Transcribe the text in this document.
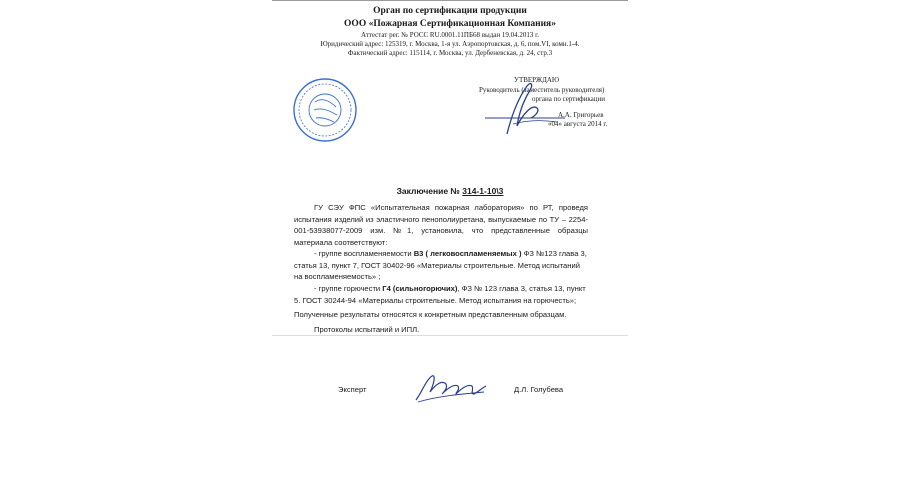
Орган по сертификации продукции
ООО «Пожарная Сертификационная Компания»
Аттестат рег. № РОСС RU.0001.11ПБ68 выдан 19.04.2013 г.
Юридический адрес: 125319, г. Москва, 1-я ул. Аэропортовская, д. 6, пом.VI, комн.1-4.
Фактический адрес: 115114, г. Москва, ул. Дербеневская, д. 24, стр.3
УТВЕРЖДАЮ
Руководитель (заместитель руководителя)
органа по сертификации
А.А. Григорьев
«04» августа 2014 г.
Пожарная Сертификационная Компания
Заключение № 314-1-10\3
ГУ СЭУ ФПС «Испытательная пожарная лаборатория» по РТ, проведя испытания изделий из эластичного пенополиуретана, выпускаемые по ТУ – 2254-001-53938077-2009 изм. №1, установила, что представленные образцы материала соответствуют:
- группе воспламеняемости В3 ( легковоспламеняемых ) ФЗ №123 глава 3, статья 13, пункт 7, ГОСТ 30402-96 «Материалы строительные. Метод испытаний на воспламеняемость» ;
- группе горючести Г4 (сильногорючих), ФЗ № 123 глава 3, статья 13, пункт 5. ГОСТ 30244-94 «Материалы строительные. Метод испытания на горючесть»;
Полученные результаты относятся к конкретным представленным образцам.
Протоколы испытаний и ИПЛ.
Эксперт	Д.Л. Голубева
